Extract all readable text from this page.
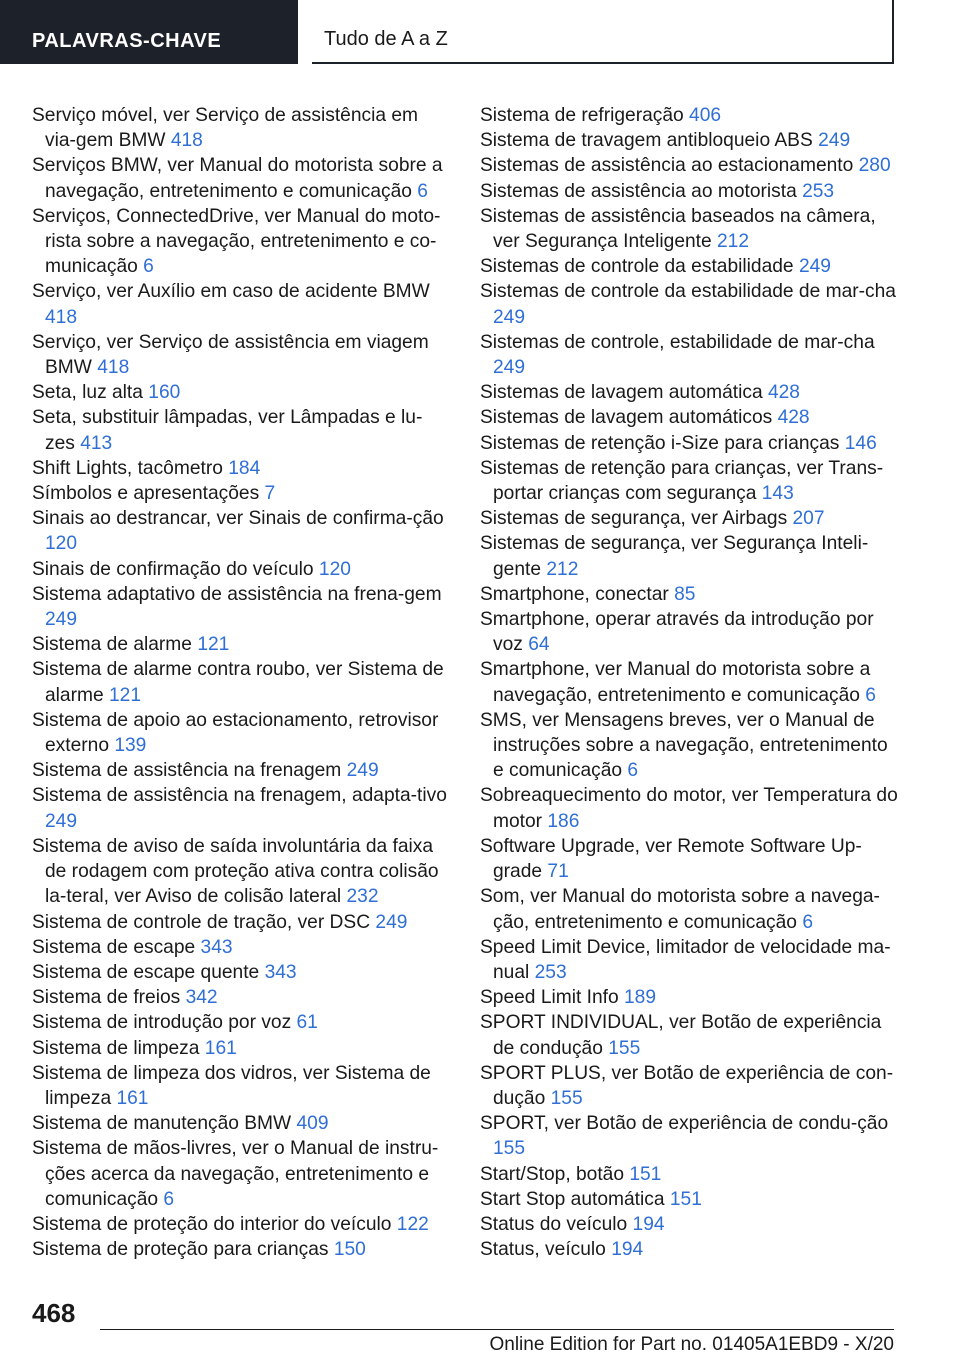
PALAVRAS-CHAVE	Tudo de A a Z
Serviço móvel, ver Serviço de assistência em via-gem BMW 418
Serviços BMW, ver Manual do motorista sobre a navegação, entretenimento e comunicação 6
Serviços, ConnectedDrive, ver Manual do moto-rista sobre a navegação, entretenimento e co-municação 6
Serviço, ver Auxílio em caso de acidente BMW 418
Serviço, ver Serviço de assistência em viagem BMW 418
Seta, luz alta 160
Seta, substituir lâmpadas, ver Lâmpadas e lu-zes 413
Shift Lights, tacômetro 184
Símbolos e apresentações 7
Sinais ao destrancar, ver Sinais de confirma-ção 120
Sinais de confirmação do veículo 120
Sistema adaptativo de assistência na frena-gem 249
Sistema de alarme 121
Sistema de alarme contra roubo, ver Sistema de alarme 121
Sistema de apoio ao estacionamento, retrovisor externo 139
Sistema de assistência na frenagem 249
Sistema de assistência na frenagem, adapta-tivo 249
Sistema de aviso de saída involuntária da faixa de rodagem com proteção ativa contra colisão la-teral, ver Aviso de colisão lateral 232
Sistema de controle de tração, ver DSC 249
Sistema de escape 343
Sistema de escape quente 343
Sistema de freios 342
Sistema de introdução por voz 61
Sistema de limpeza 161
Sistema de limpeza dos vidros, ver Sistema de limpeza 161
Sistema de manutenção BMW 409
Sistema de mãos-livres, ver o Manual de instru-ções acerca da navegação, entretenimento e comunicação 6
Sistema de proteção do interior do veículo 122
Sistema de proteção para crianças 150
Sistema de refrigeração 406
Sistema de travagem antibloqueio ABS 249
Sistemas de assistência ao estacionamento 280
Sistemas de assistência ao motorista 253
Sistemas de assistência baseados na câmera, ver Segurança Inteligente 212
Sistemas de controle da estabilidade 249
Sistemas de controle da estabilidade de mar-cha 249
Sistemas de controle, estabilidade de mar-cha 249
Sistemas de lavagem automática 428
Sistemas de lavagem automáticos 428
Sistemas de retenção i-Size para crianças 146
Sistemas de retenção para crianças, ver Trans-portar crianças com segurança 143
Sistemas de segurança, ver Airbags 207
Sistemas de segurança, ver Segurança Inteli-gente 212
Smartphone, conectar 85
Smartphone, operar através da introdução por voz 64
Smartphone, ver Manual do motorista sobre a navegação, entretenimento e comunicação 6
SMS, ver Mensagens breves, ver o Manual de instruções sobre a navegação, entretenimento e comunicação 6
Sobreaquecimento do motor, ver Temperatura do motor 186
Software Upgrade, ver Remote Software Up-grade 71
Som, ver Manual do motorista sobre a navega-ção, entretenimento e comunicação 6
Speed Limit Device, limitador de velocidade ma-nual 253
Speed Limit Info 189
SPORT INDIVIDUAL, ver Botão de experiência de condução 155
SPORT PLUS, ver Botão de experiência de con-dução 155
SPORT, ver Botão de experiência de condu-ção 155
Start/Stop, botão 151
Start Stop automática 151
Status do veículo 194
Status, veículo 194
468
Online Edition for Part no. 01405A1EBD9 - X/20
